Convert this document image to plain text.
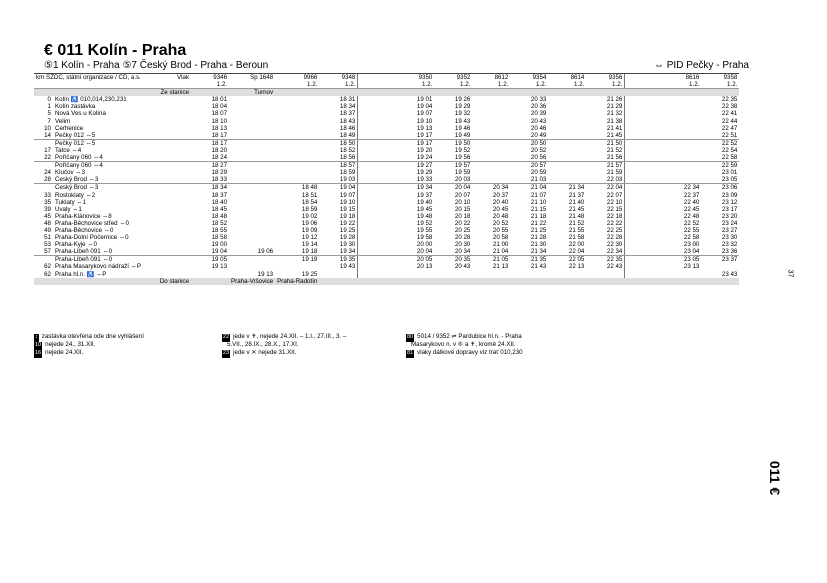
€ 011 Kolín - Praha
⑤1 Kolín - Praha ⑤7 Český Brod - Praha - Beroun	⇔ PID Pečky - Praha
km SŽDC, státní organizace / ČD, a.s.		Vlak	9346	Sp 1648	9966	9348		9350	9352	8612	9354	8614	9356		8616	9358
			1.2.		1.2.	1.2.		1.2.	1.2.	1.2.	1.2.	1.2.	1.2.		1.2.	1.2.
Ze stanice				Turnov												
0	Kolín ♿ 010,014,230,231		18 01			18 31		19 01	19 26		20 33		21 26			22 35
1	Kolín zastávka		18 04			18 34		19 04	19 29		20 36		21 29			22 38
5	Nová Ves u Kolína		18 07			18 37		19 07	19 32		20 39		21 32			22 41
7	Velim		18 10			18 43		19 10	19 43		20 43		21 38			22 44
10	Cerhenice		18 13			18 46		19 13	19 46		20 46		21 41			22 47
14	Pečky 012 ⇔5		18 17			18 49		19 17	19 49		20 49		21 45			22 51
	Pečky 012 ⇔5		18 17			18 50		19 17	19 50		20 50		21 50			22 52
17	Tatce ⇔4		18 20			18 52		19 20	19 52		20 52		21 52			22 54
22	Poříčany 060 ⇔4		18 24			18 56		19 24	19 56		20 56		21 56			22 58
	Poříčany 060 ⇔4		18 27			18 57		19 27	19 57		20 57		21 57			22 59
24	Klučov ⇔3		18 29			18 59		19 29	19 59		20 59		21 59			23 01
28	Český Brod ⇔3		18 33			19 03		19 33	20 03		21 03		22 03			23 05
	Český Brod ⇔3		18 34		18 48	19 04		19 34	20 04	20 34	21 04	21 34	22 04		22 34	23 06
33	Rostoklaty ⇔2		18 37		18 51	19 07		19 37	20 07	20 37	21 07	21 37	22 07		22 37	23 09
35	Tuklaty ⇔1		18 40		18 54	19 10		19 40	20 10	20 40	21 10	21 40	22 10		22 40	23 12
39	Úvaly ⇔1		18 45		18 59	19 15		19 45	20 15	20 45	21 15	21 45	22 15		22 45	23 17
45	Praha-Klánovice ⇔8		18 48		19 02	19 18		19 48	20 18	20 48	21 18	21 48	22 18		22 48	23 20
48	Praha-Běchovice střed ⇔0		18 52		19 06	19 22		19 52	20 22	20 52	21 22	21 52	22 22		22 52	23 24
49	Praha-Běchovice ⇔0		18 55		19 09	19 25		19 55	20 25	20 55	21 25	21 55	22 25		22 55	23 27
51	Praha-Dolní Počernice ⇔0		18 58		19 12	19 28		19 58	20 28	20 58	21 28	21 58	22 28		22 58	23 30
53	Praha-Kyje ⇔0		19 00		19 14	19 30		20 00	20 30	21 00	21 30	22 00	22 30		23 00	23 32
57	Praha-Libeň 091 ⇔0		19 04	19 06	19 18	19 34		20 04	20 34	21 04	21 34	22 04	22 34		23 04	23 36
	Praha-Libeň 091 ⇔0		19 05		19 19	19 35		20 05	20 35	21 05	21 35	22 05	22 35		23 05	23 37
62	Praha Masarykovo nádraží ⇔P		19 13			19 43		20 13	20 43	21 13	21 43	22 13	22 43		23 13	
62	Praha hl.n. ♿ ⇔P			19 13	19 25											23 43
Do stanice				Praha-Vršovice	Praha-Radotín											
↕ zastávka otevřena ode dne vyhlášení
10 nejede 24., 31.XII.
16 nejede 24.XII.
22 jede v ✝, nejede 24.XII. – 1.I., 27.III., 3. –
5.VII., 28.IX., 28.X., 17.XI.
23 jede v ✕ nejede 31.XII.
80 5014 / 9352 ⇌ Pardubice hl.n. - Praha
Masarykovo n. v ⑥ a ✝, kromě 24.XII.
81 vlaky dálkové dopravy viz trať 010,230
37
011 €
